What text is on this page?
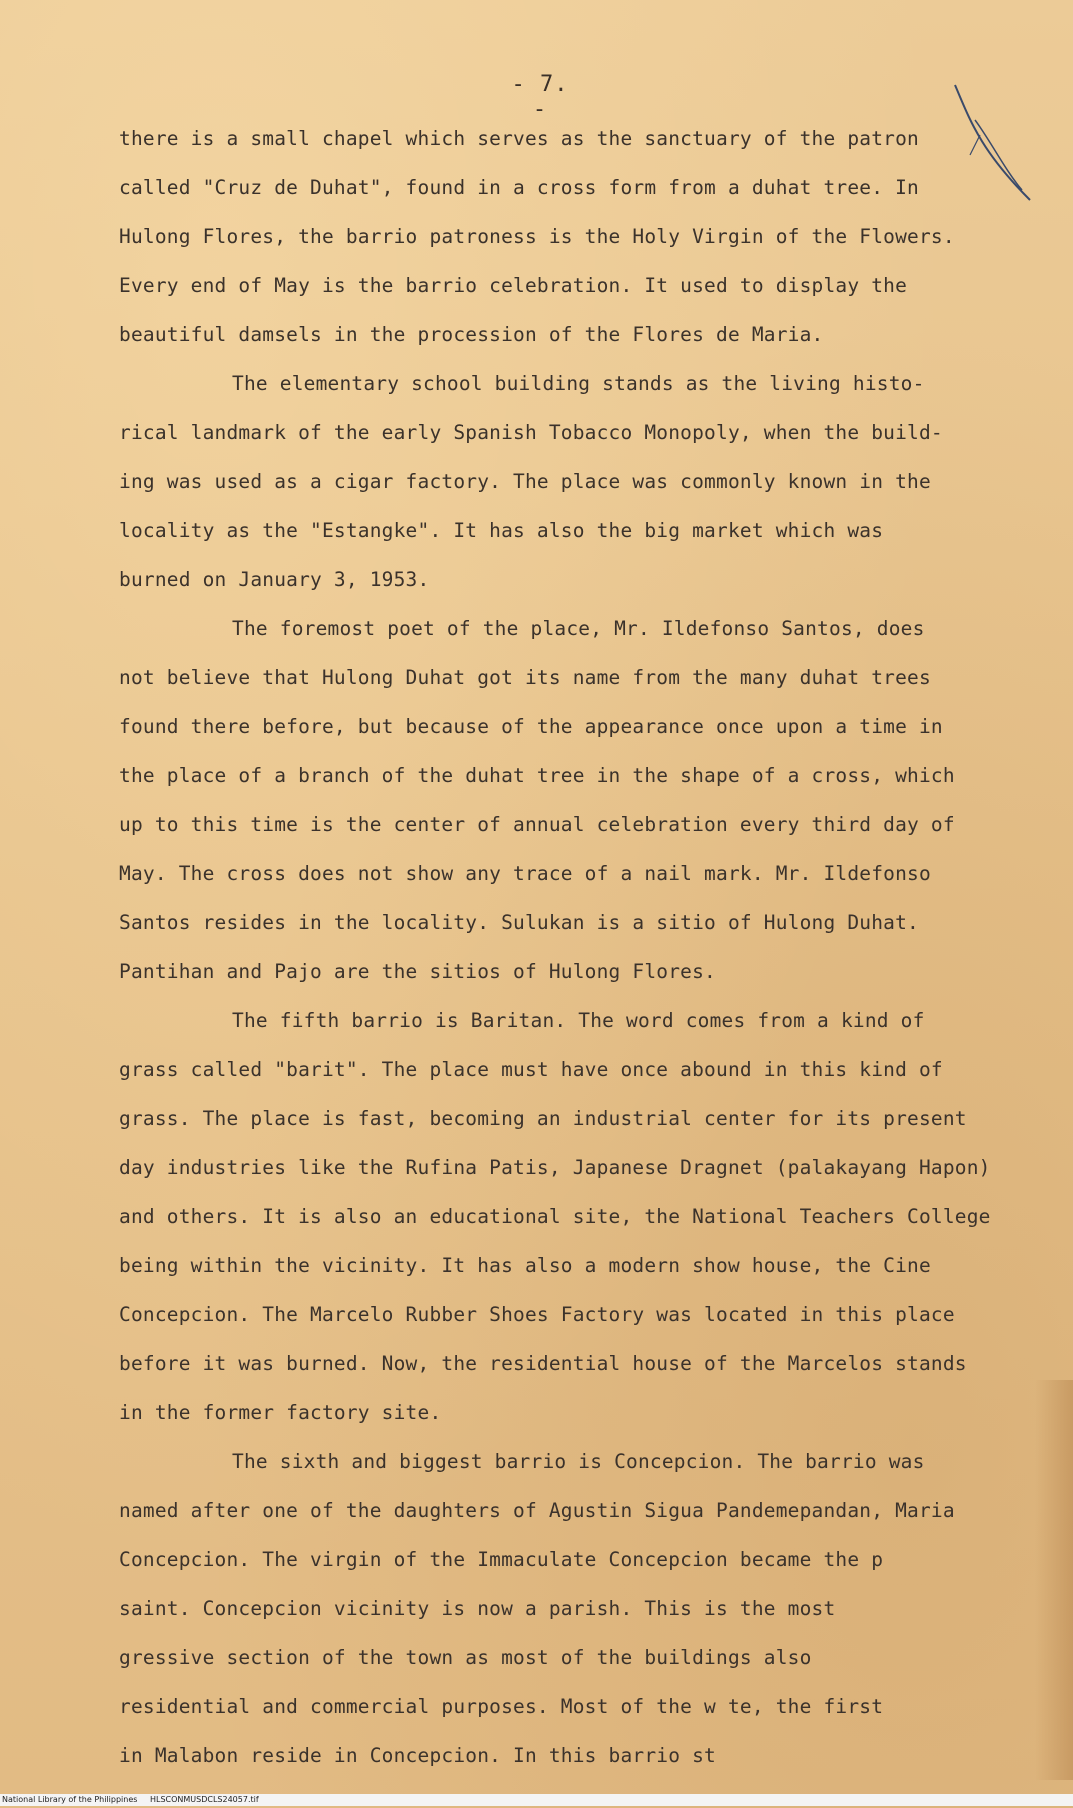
- 7. -
there is a small chapel which serves as the sanctuary of the patron
called "Cruz de Duhat", found in a cross form from a duhat tree. In
Hulong Flores, the barrio patroness is the Holy Virgin of the Flowers.
Every end of May is the barrio celebration. It used to display the
beautiful damsels in the procession of the Flores de Maria.
The elementary school building stands as the living histo-
rical landmark of the early Spanish Tobacco Monopoly, when the build-
ing was used as a cigar factory. The place was commonly known in the
locality as the "Estangke". It has also the big market which was
burned on January 3, 1953.
The foremost poet of the place, Mr. Ildefonso Santos, does
not believe that Hulong Duhat got its name from the many duhat trees
found there before, but because of the appearance once upon a time in
the place of a branch of the duhat tree in the shape of a cross, which
up to this time is the center of annual celebration every third day of
May. The cross does not show any trace of a nail mark. Mr. Ildefonso
Santos resides in the locality. Sulukan is a sitio of Hulong Duhat.
Pantihan and Pajo are the sitios of Hulong Flores.
The fifth barrio is Baritan. The word comes from a kind of
grass called "barit". The place must have once abound in this kind of
grass. The place is fast, becoming an industrial center for its present
day industries like the Rufina Patis, Japanese Dragnet (palakayang Hapon)
and others. It is also an educational site, the National Teachers College
being within the vicinity. It has also a modern show house, the Cine
Concepcion. The Marcelo Rubber Shoes Factory was located in this place
before it was burned. Now, the residential house of the Marcelos stands
in the former factory site.
The sixth and biggest barrio is Concepcion. The barrio was
named after one of the daughters of Agustin Sigua Pandemepandan, Maria
Concepcion. The virgin of the Immaculate Concepcion became the p
saint. Concepcion vicinity is now a parish. This is the most
gressive section of the town as most of the buildings also
residential and commercial purposes. Most of the w te, the first
in Malabon reside in Concepcion. In this barrio st
National Library of the Philippines HLSCONMUSDCLS24057.tif
